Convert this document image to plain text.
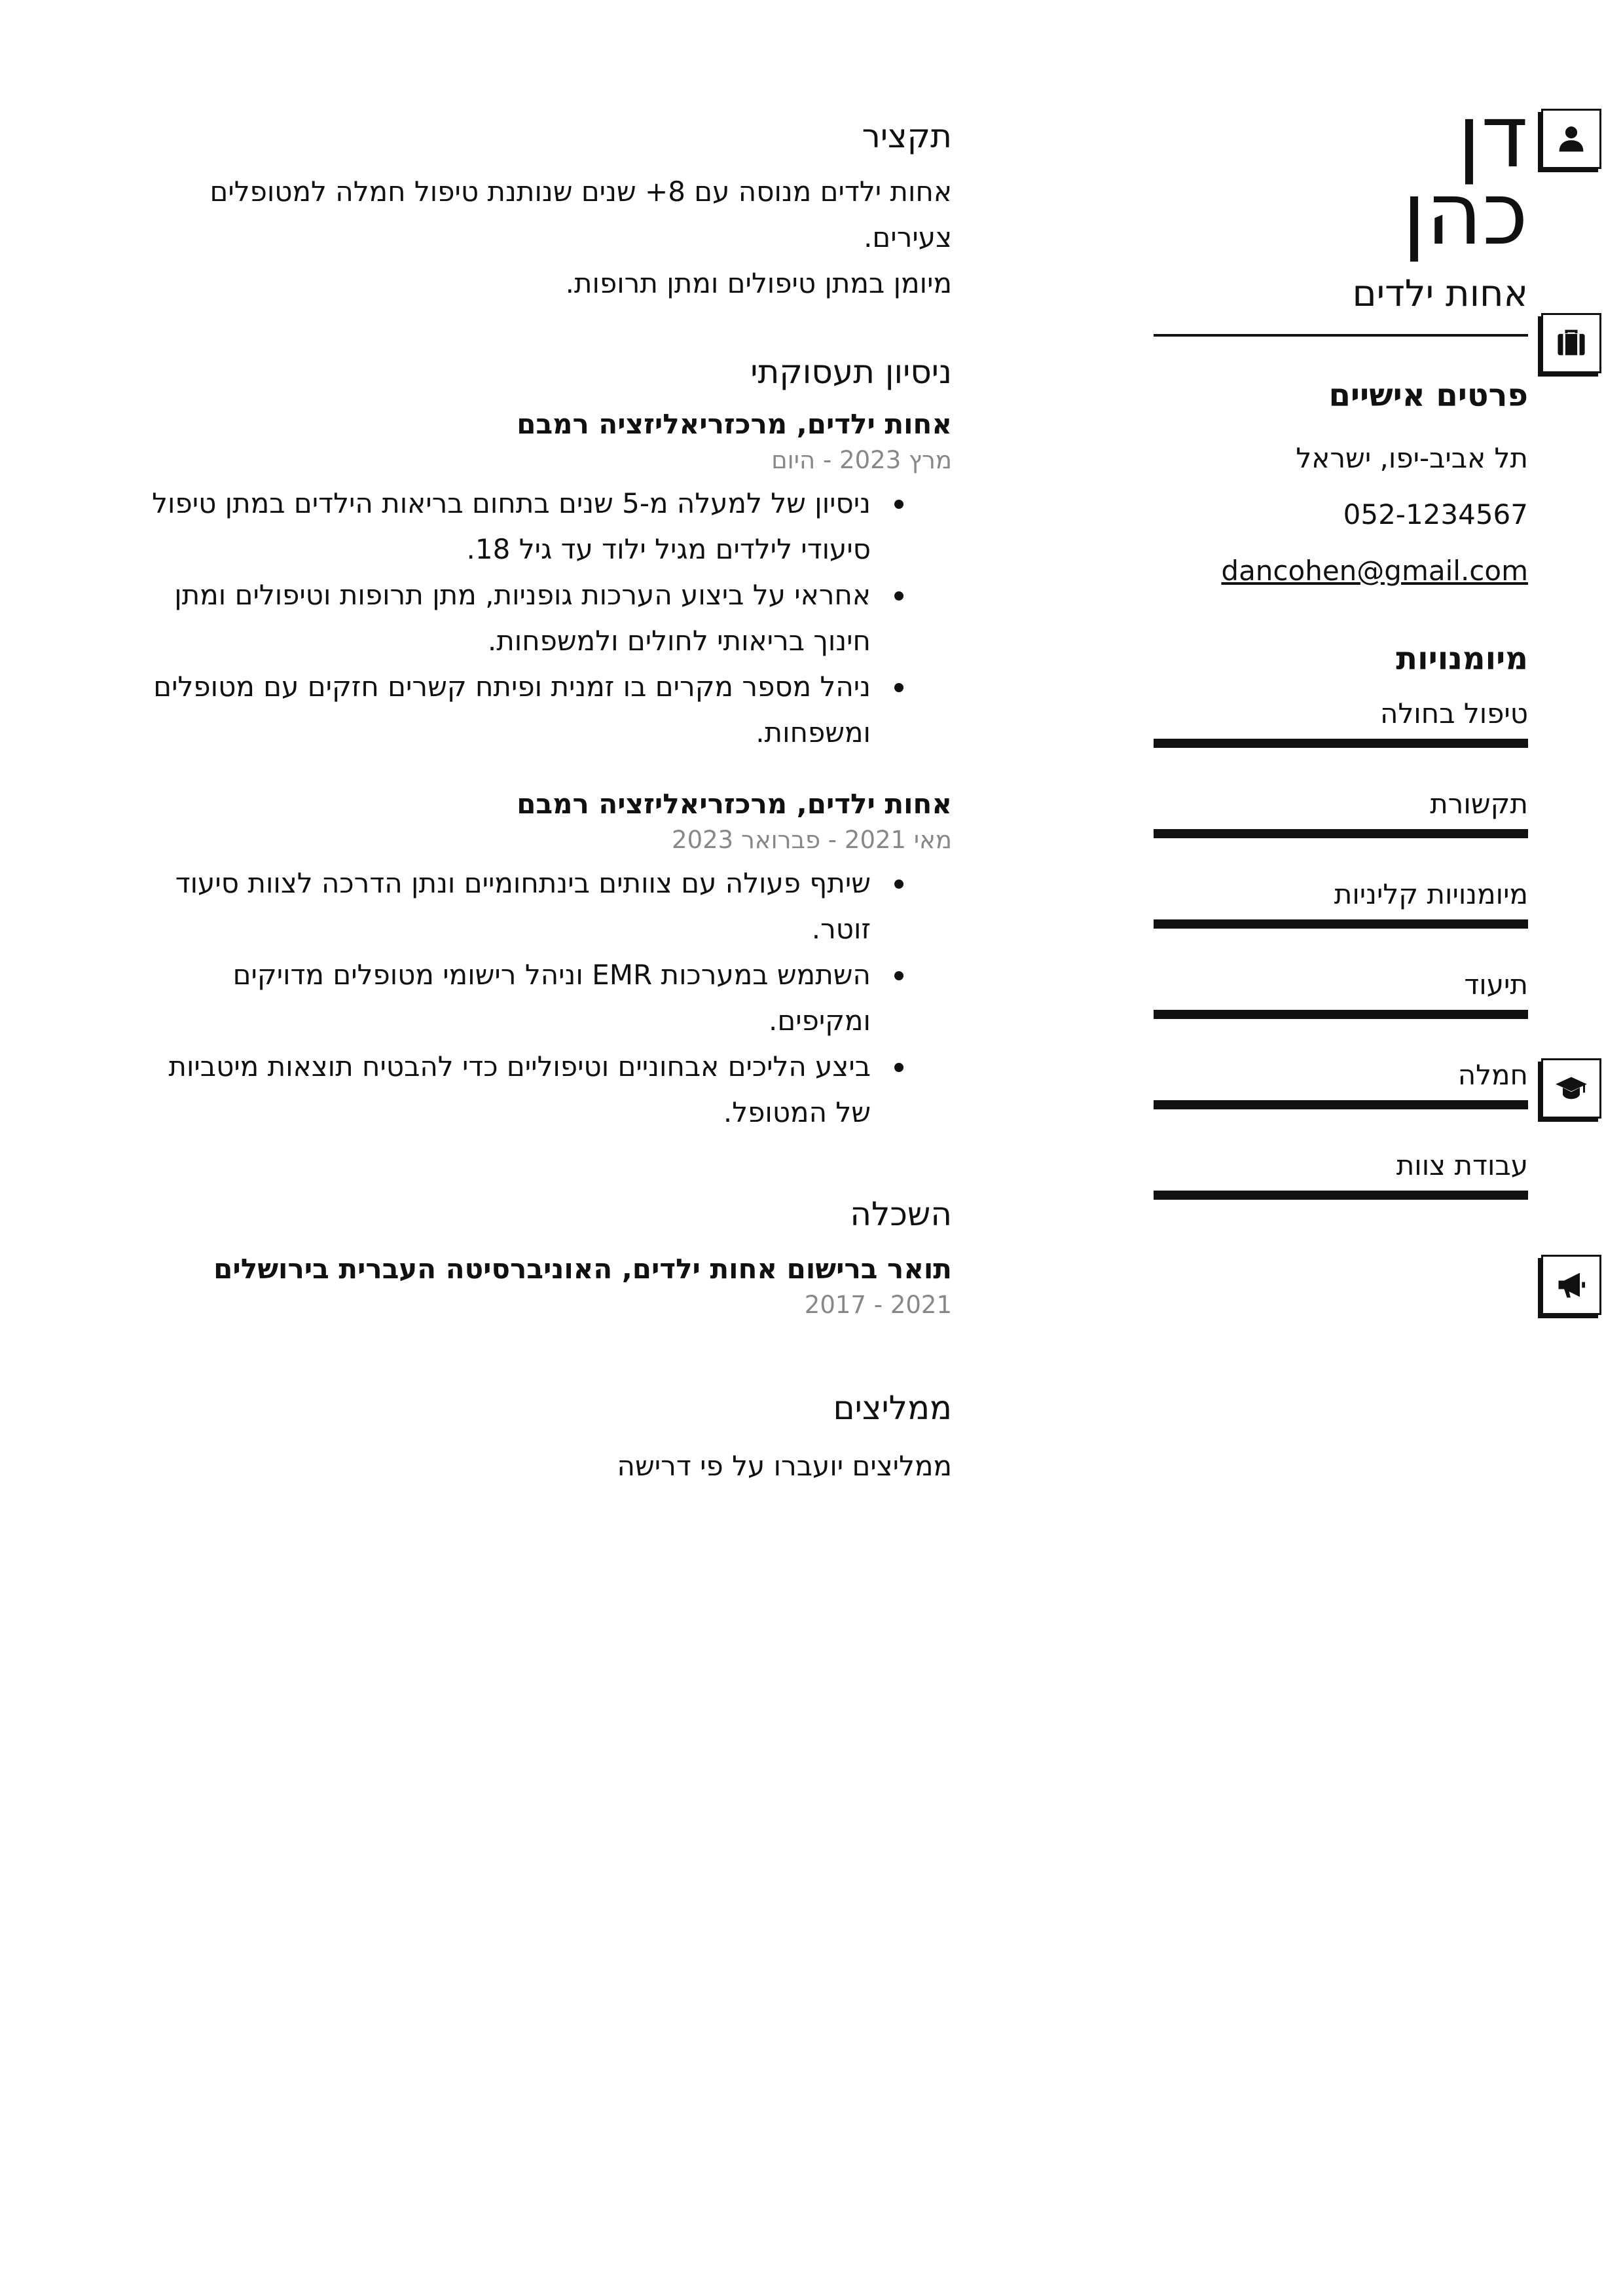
דן
כהן
אחות ילדים
פרטים אישיים
תל אביב-יפו, ישראל
052-1234567
dancohen@gmail.com
מיומנויות
טיפול בחולה
תקשורת
מיומנויות קליניות
תיעוד
חמלה
עבודת צוות
תקציר
אחות ילדים מנוסה עם 8+ שנים שנותנת טיפול חמלה למטופלים צעירים.
מיומן במתן טיפולים ומתן תרופות.
ניסיון תעסוקתי
אחות ילדים, מרכזריאליזציה רמבם
מרץ 2023 - היום
ניסיון של למעלה מ-5 שנים בתחום בריאות הילדים במתן טיפול סיעודי לילדים מגיל ילוד עד גיל 18.
אחראי על ביצוע הערכות גופניות, מתן תרופות וטיפולים ומתן חינוך בריאותי לחולים ולמשפחות.
ניהל מספר מקרים בו זמנית ופיתח קשרים חזקים עם מטופלים ומשפחות.
אחות ילדים, מרכזריאליזציה רמבם
מאי 2021 - פברואר 2023
שיתף פעולה עם צוותים בינתחומיים ונתן הדרכה לצוות סיעוד זוטר.
השתמש במערכות EMR וניהל רישומי מטופלים מדויקים ומקיפים.
ביצע הליכים אבחוניים וטיפוליים כדי להבטיח תוצאות מיטביות של המטופל.
השכלה
תואר ברישום אחות ילדים, האוניברסיטה העברית בירושלים
2021 - 2017
ממליצים
ממליצים יועברו על פי דרישה
